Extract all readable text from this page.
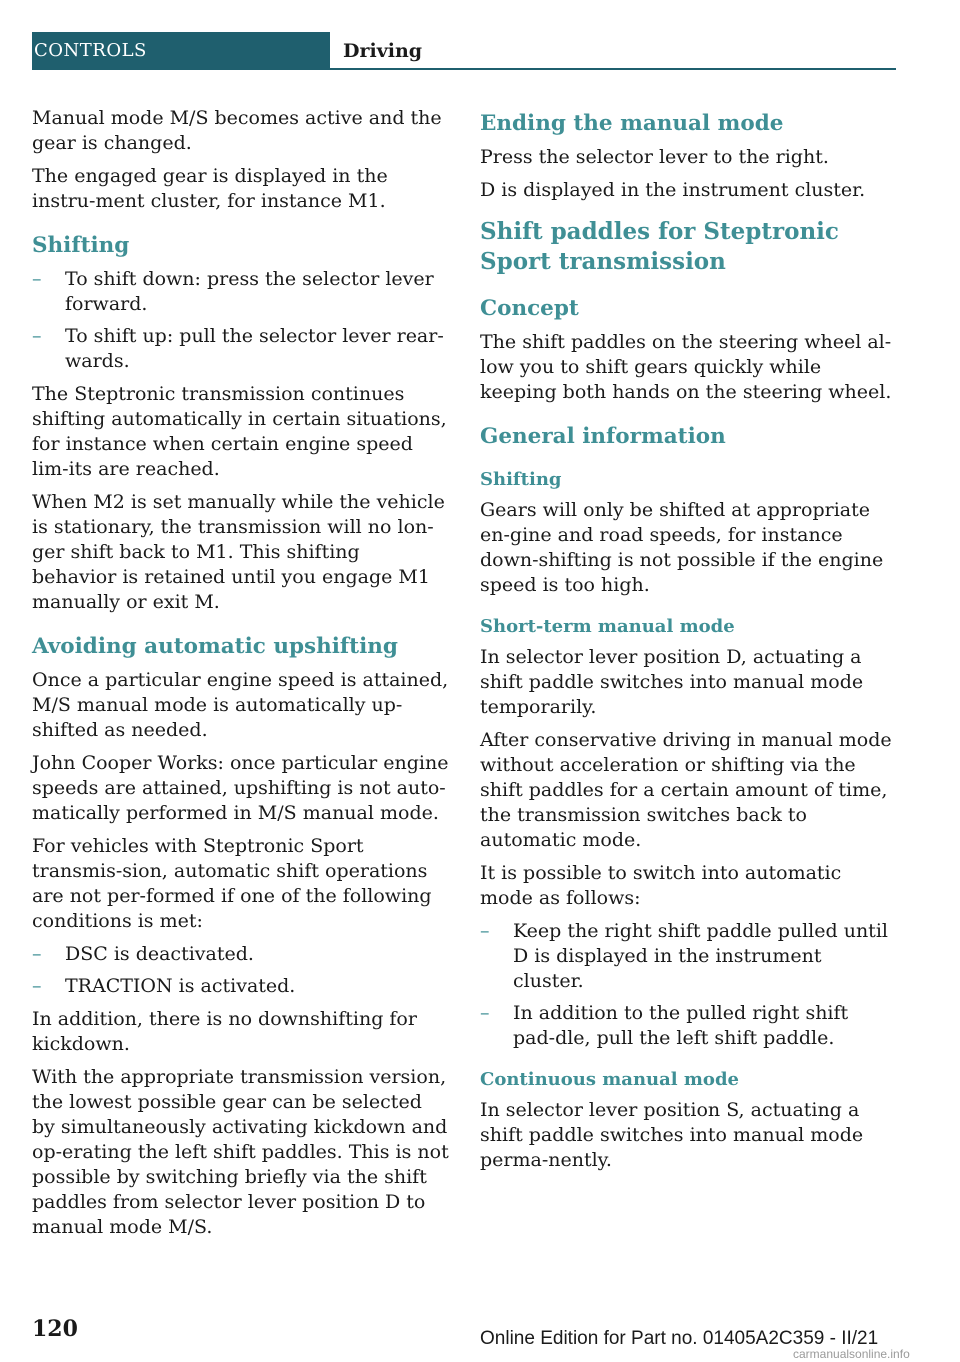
CONTROLS	Driving

Manual mode M/S becomes active and the gear is changed.

The engaged gear is displayed in the instru‐ment cluster, for instance M1.

Shifting
– To shift down: press the selector lever forward.
– To shift up: pull the selector lever rear‐wards.

The Steptronic transmission continues shifting automatically in certain situations, for instance when certain engine speed lim‐its are reached.

When M2 is set manually while the vehicle is stationary, the transmission will no lon‐ger shift back to M1. This shifting behavior is retained until you engage M1 manually or exit M.

Avoiding automatic upshifting

Once a particular engine speed is attained, M/S manual mode is automatically up‐shifted as needed.

John Cooper Works: once particular engine speeds are attained, upshifting is not auto‐matically performed in M/S manual mode.

For vehicles with Steptronic Sport transmis‐sion, automatic shift operations are not per‐formed if one of the following conditions is met:

– DSC is deactivated.
– TRACTION is activated.

In addition, there is no downshifting for kickdown.

With the appropriate transmission version, the lowest possible gear can be selected by simultaneously activating kickdown and op‐erating the left shift paddles. This is not possible by switching briefly via the shift paddles from selector lever position D to manual mode M/S.

Ending the manual mode

Press the selector lever to the right.

D is displayed in the instrument cluster.

Shift paddles for Steptronic Sport transmission
Concept

The shift paddles on the steering wheel al‐low you to shift gears quickly while keeping both hands on the steering wheel.

General information
Shifting

Gears will only be shifted at appropriate en‐gine and road speeds, for instance down‐shifting is not possible if the engine speed is too high.

Short-term manual mode

In selector lever position D, actuating a shift paddle switches into manual mode temporarily.

After conservative driving in manual mode without acceleration or shifting via the shift paddles for a certain amount of time, the transmission switches back to automatic mode.

It is possible to switch into automatic mode as follows:

– Keep the right shift paddle pulled until D is displayed in the instrument cluster.
– In addition to the pulled right shift pad‐dle, pull the left shift paddle.
Continuous manual mode

In selector lever position S, actuating a shift paddle switches into manual mode perma‐nently.

120	Online Edition for Part no. 01405A2C359 - II/21
carmanualsonline.info
